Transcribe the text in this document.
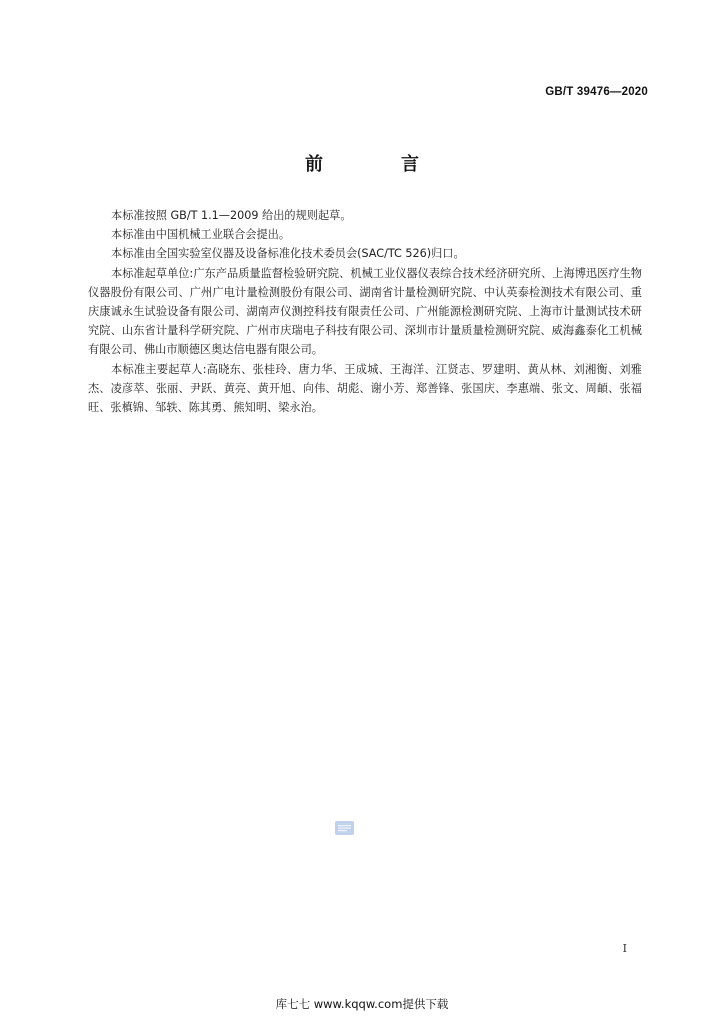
GB/T 39476—2020
前　言

本标准按照 GB/T 1.1—2009 给出的规则起草。

本标准由中国机械工业联合会提出。

本标准由全国实验室仪器及设备标准化技术委员会(SAC/TC 526)归口。

本标准起草单位:广东产品质量监督检验研究院、机械工业仪器仪表综合技术经济研究所、上海博迅医疗生物仪器股份有限公司、广州广电计量检测股份有限公司、湖南省计量检测研究院、中认英泰检测技术有限公司、重庆康诚永生试验设备有限公司、湖南声仪测控科技有限责任公司、广州能源检测研究院、上海市计量测试技术研究院、山东省计量科学研究院、广州市庆瑞电子科技有限公司、深圳市计量质量检测研究院、威海鑫泰化工机械有限公司、佛山市顺德区奥达信电器有限公司。

本标准主要起草人:高晓东、张桂玲、唐力华、王成城、王海洋、江贤志、罗建明、黄从林、刘湘衡、刘雅杰、凌彦萃、张丽、尹跃、黄亮、黄开旭、向伟、胡彪、谢小芳、郑善锋、张国庆、李惠端、张文、周頔、张福旺、张槙锦、邹轶、陈其勇、熊知明、梁永治。

I
库七七 www.kqqw.com提供下载
